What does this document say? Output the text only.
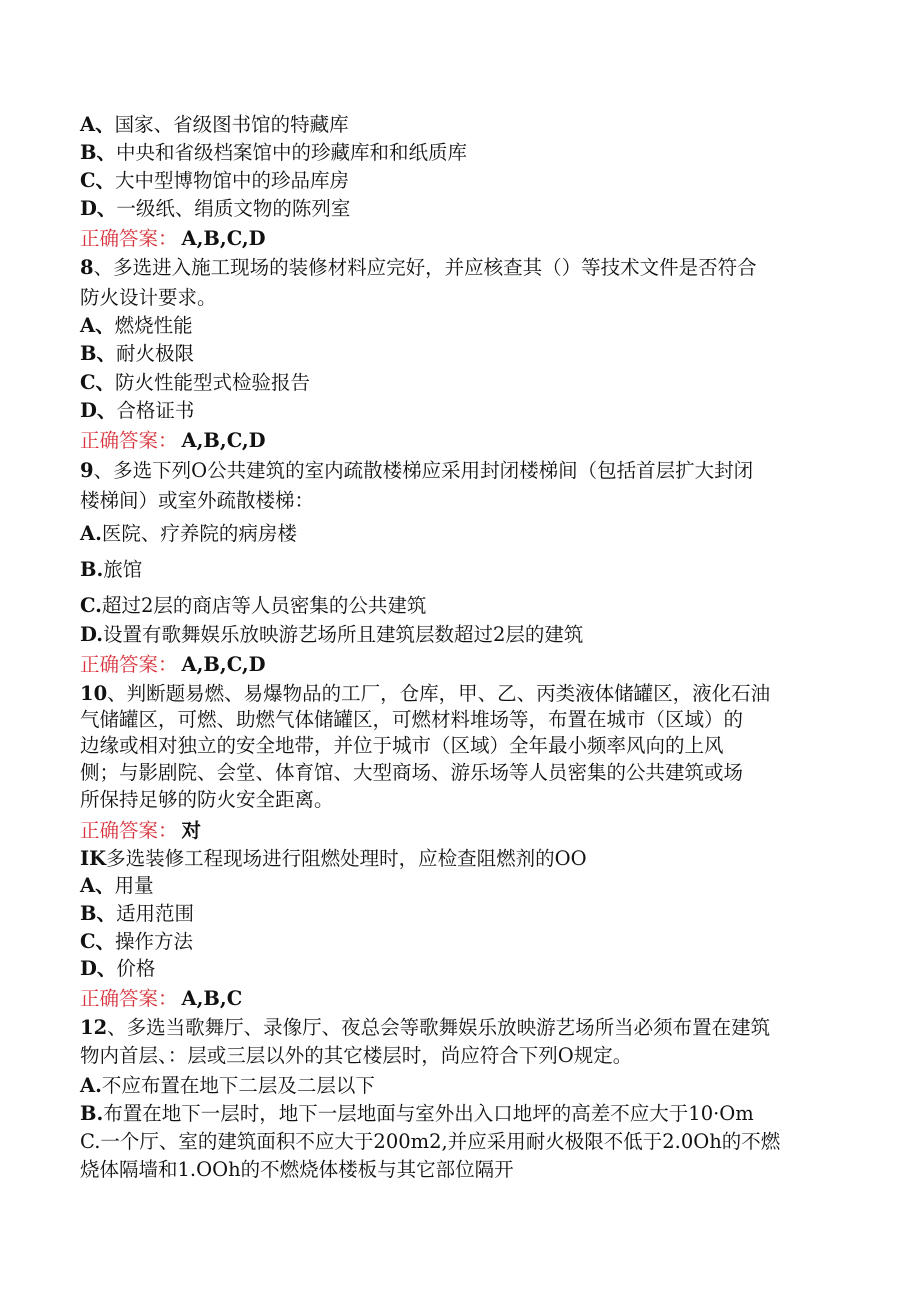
A、国家、省级图书馆的特藏库
B、中央和省级档案馆中的珍藏库和和纸质库
C、大中型博物馆中的珍品库房
D、一级纸、绢质文物的陈列室
正确答案： A,B,C,D
8、多选进入施工现场的装修材料应完好，并应核查其（）等技术文件是否符合
防火设计要求。
A、燃烧性能
B、耐火极限
C、防火性能型式检验报告
D、合格证书
正确答案： A,B,C,D
9、多选下列O公共建筑的室内疏散楼梯应采用封闭楼梯间（包括首层扩大封闭
楼梯间）或室外疏散楼梯：
A.医院、疗养院的病房楼
B.旅馆
C.超过2层的商店等人员密集的公共建筑
D.设置有歌舞娱乐放映游艺场所且建筑层数超过2层的建筑
正确答案： A,B,C,D
10、判断题易燃、易爆物品的工厂，仓库，甲、乙、丙类液体储罐区，液化石油
气储罐区，可燃、助燃气体储罐区，可燃材料堆场等，布置在城市（区域）的
边缘或相对独立的安全地带，并位于城市（区域）全年最小频率风向的上风
侧；与影剧院、会堂、体育馆、大型商场、游乐场等人员密集的公共建筑或场
所保持足够的防火安全距离。
正确答案： 对
IK多选装修工程现场进行阻燃处理时，应检查阻燃剂的OO
A、用量
B、适用范围
C、操作方法
D、价格
正确答案： A,B,C
12、多选当歌舞厅、录像厅、夜总会等歌舞娱乐放映游艺场所当必须布置在建筑
物内首层、：层或三层以外的其它楼层时，尚应符合下列O规定。
A.不应布置在地下二层及二层以下
B.布置在地下一层时，地下一层地面与室外出入口地坪的高差不应大于10·Om
C.一个厅、室的建筑面积不应大于200m2,并应采用耐火极限不低于2.0Oh的不燃
烧体隔墙和1.OOh的不燃烧体楼板与其它部位隔开
